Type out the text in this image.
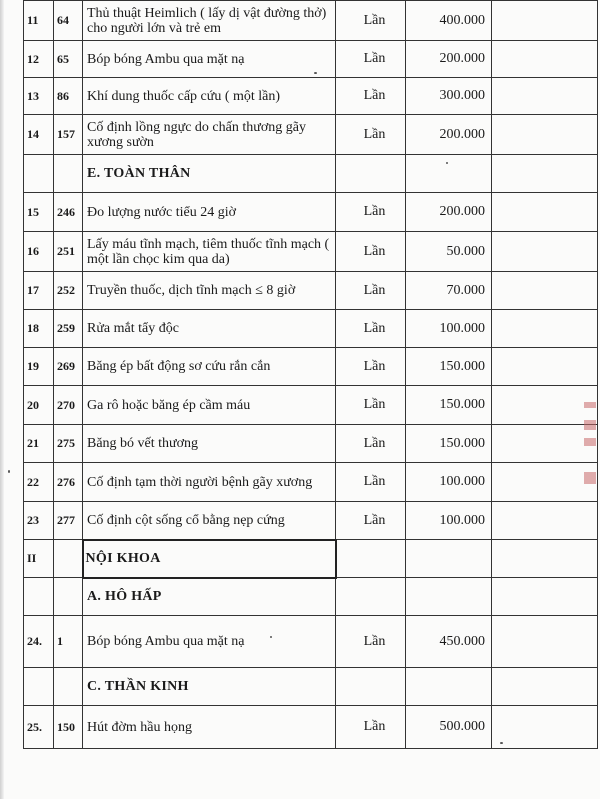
11	64	Thủ thuật Heimlich ( lấy dị vật đường thở) cho người lớn và trẻ em	Lần	400.000	
12	65	Bóp bóng Ambu qua mặt nạ	Lần	200.000	
13	86	Khí dung thuốc cấp cứu ( một lần)	Lần	300.000	
14	157	Cố định lồng ngực do chấn thương gãy xương sườn	Lần	200.000	
		E. TOÀN THÂN			
15	246	Đo lượng nước tiểu 24 giờ	Lần	200.000	
16	251	Lấy máu tĩnh mạch, tiêm thuốc tĩnh mạch ( một lần chọc kim qua da)	Lần	50.000	
17	252	Truyền thuốc, dịch tĩnh mạch ≤ 8 giờ	Lần	70.000	
18	259	Rửa mắt tẩy độc	Lần	100.000	
19	269	Băng ép bất động sơ cứu rắn cắn	Lần	150.000	
20	270	Ga rô hoặc băng ép cầm máu	Lần	150.000	
21	275	Băng bó vết thương	Lần	150.000	
22	276	Cố định tạm thời người bệnh gãy xương	Lần	100.000	
23	277	Cố định cột sống cổ bằng nẹp cứng	Lần	100.000	
II		NỘI KHOA			
		A. HÔ HẤP			
24.	1	Bóp bóng Ambu qua mặt nạ	Lần	450.000	
		C. THẦN KINH			
25.	150	Hút đờm hầu họng	Lần	500.000	
